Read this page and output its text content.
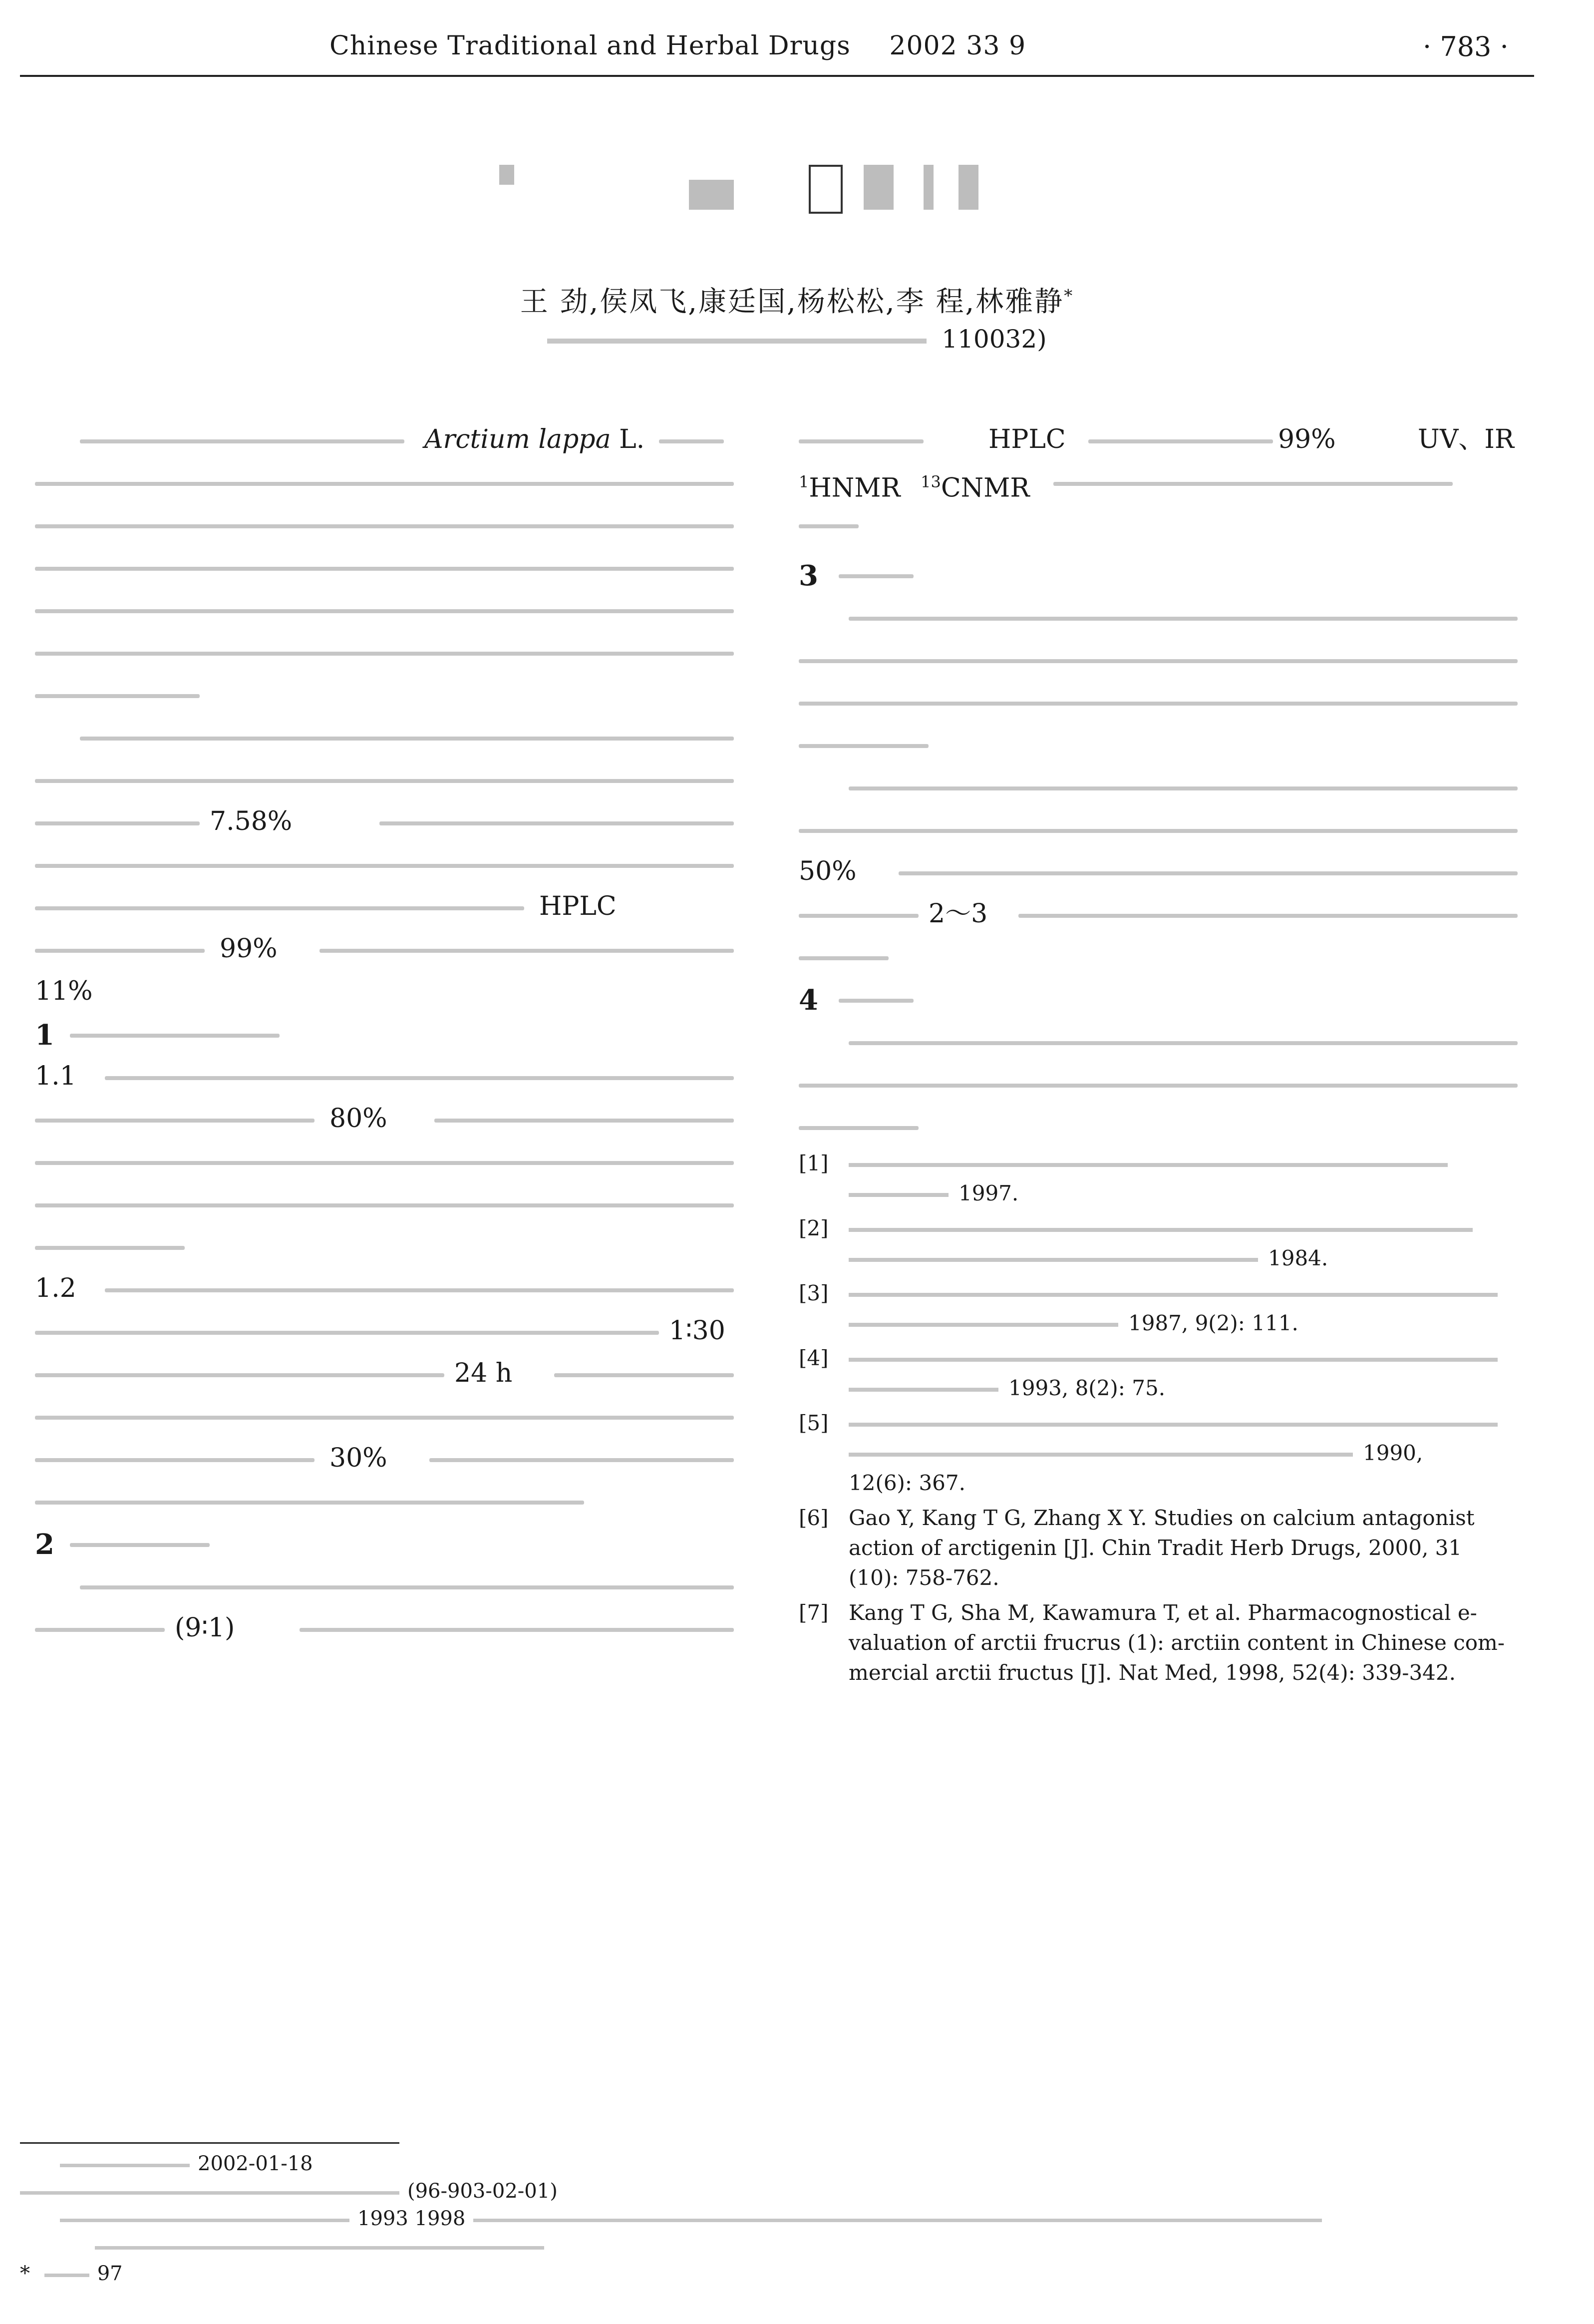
Chinese Traditional and Herbal Drugs 2002 33 9	· 783 ·
王 劲,侯凤飞,康廷国,杨松松,李 程,林雅静*
110032)
Arctium lappa L.
7.58%
HPLC
99%
11%
1
1.1
80%
1.2
1∶30
24 h
30%
2
(9∶1)
HPLC	99%	UV、IR
$^1$HNMR $^{13}$CNMR
3
50%
2～3
4
[1]
1997.
[2]
1984.
[3]
1987, 9(2): 111.
[4]
1993, 8(2): 75.
[5]
1990,
12(6): 367.
[6] Gao Y, Kang T G, Zhang X Y. Studies on calcium antagonist
action of arctigenin [J]. Chin Tradit Herb Drugs, 2000, 31
(10): 758-762.
[7] Kang T G, Sha M, Kawamura T, et al. Pharmacognostical e-
valuation of arctii frucrus (1): arctiin content in Chinese com-
mercial arctii fructus [J]. Nat Med, 1998, 52(4): 339-342.
2002-01-18
(96-903-02-01)
1993 1998
*	97
